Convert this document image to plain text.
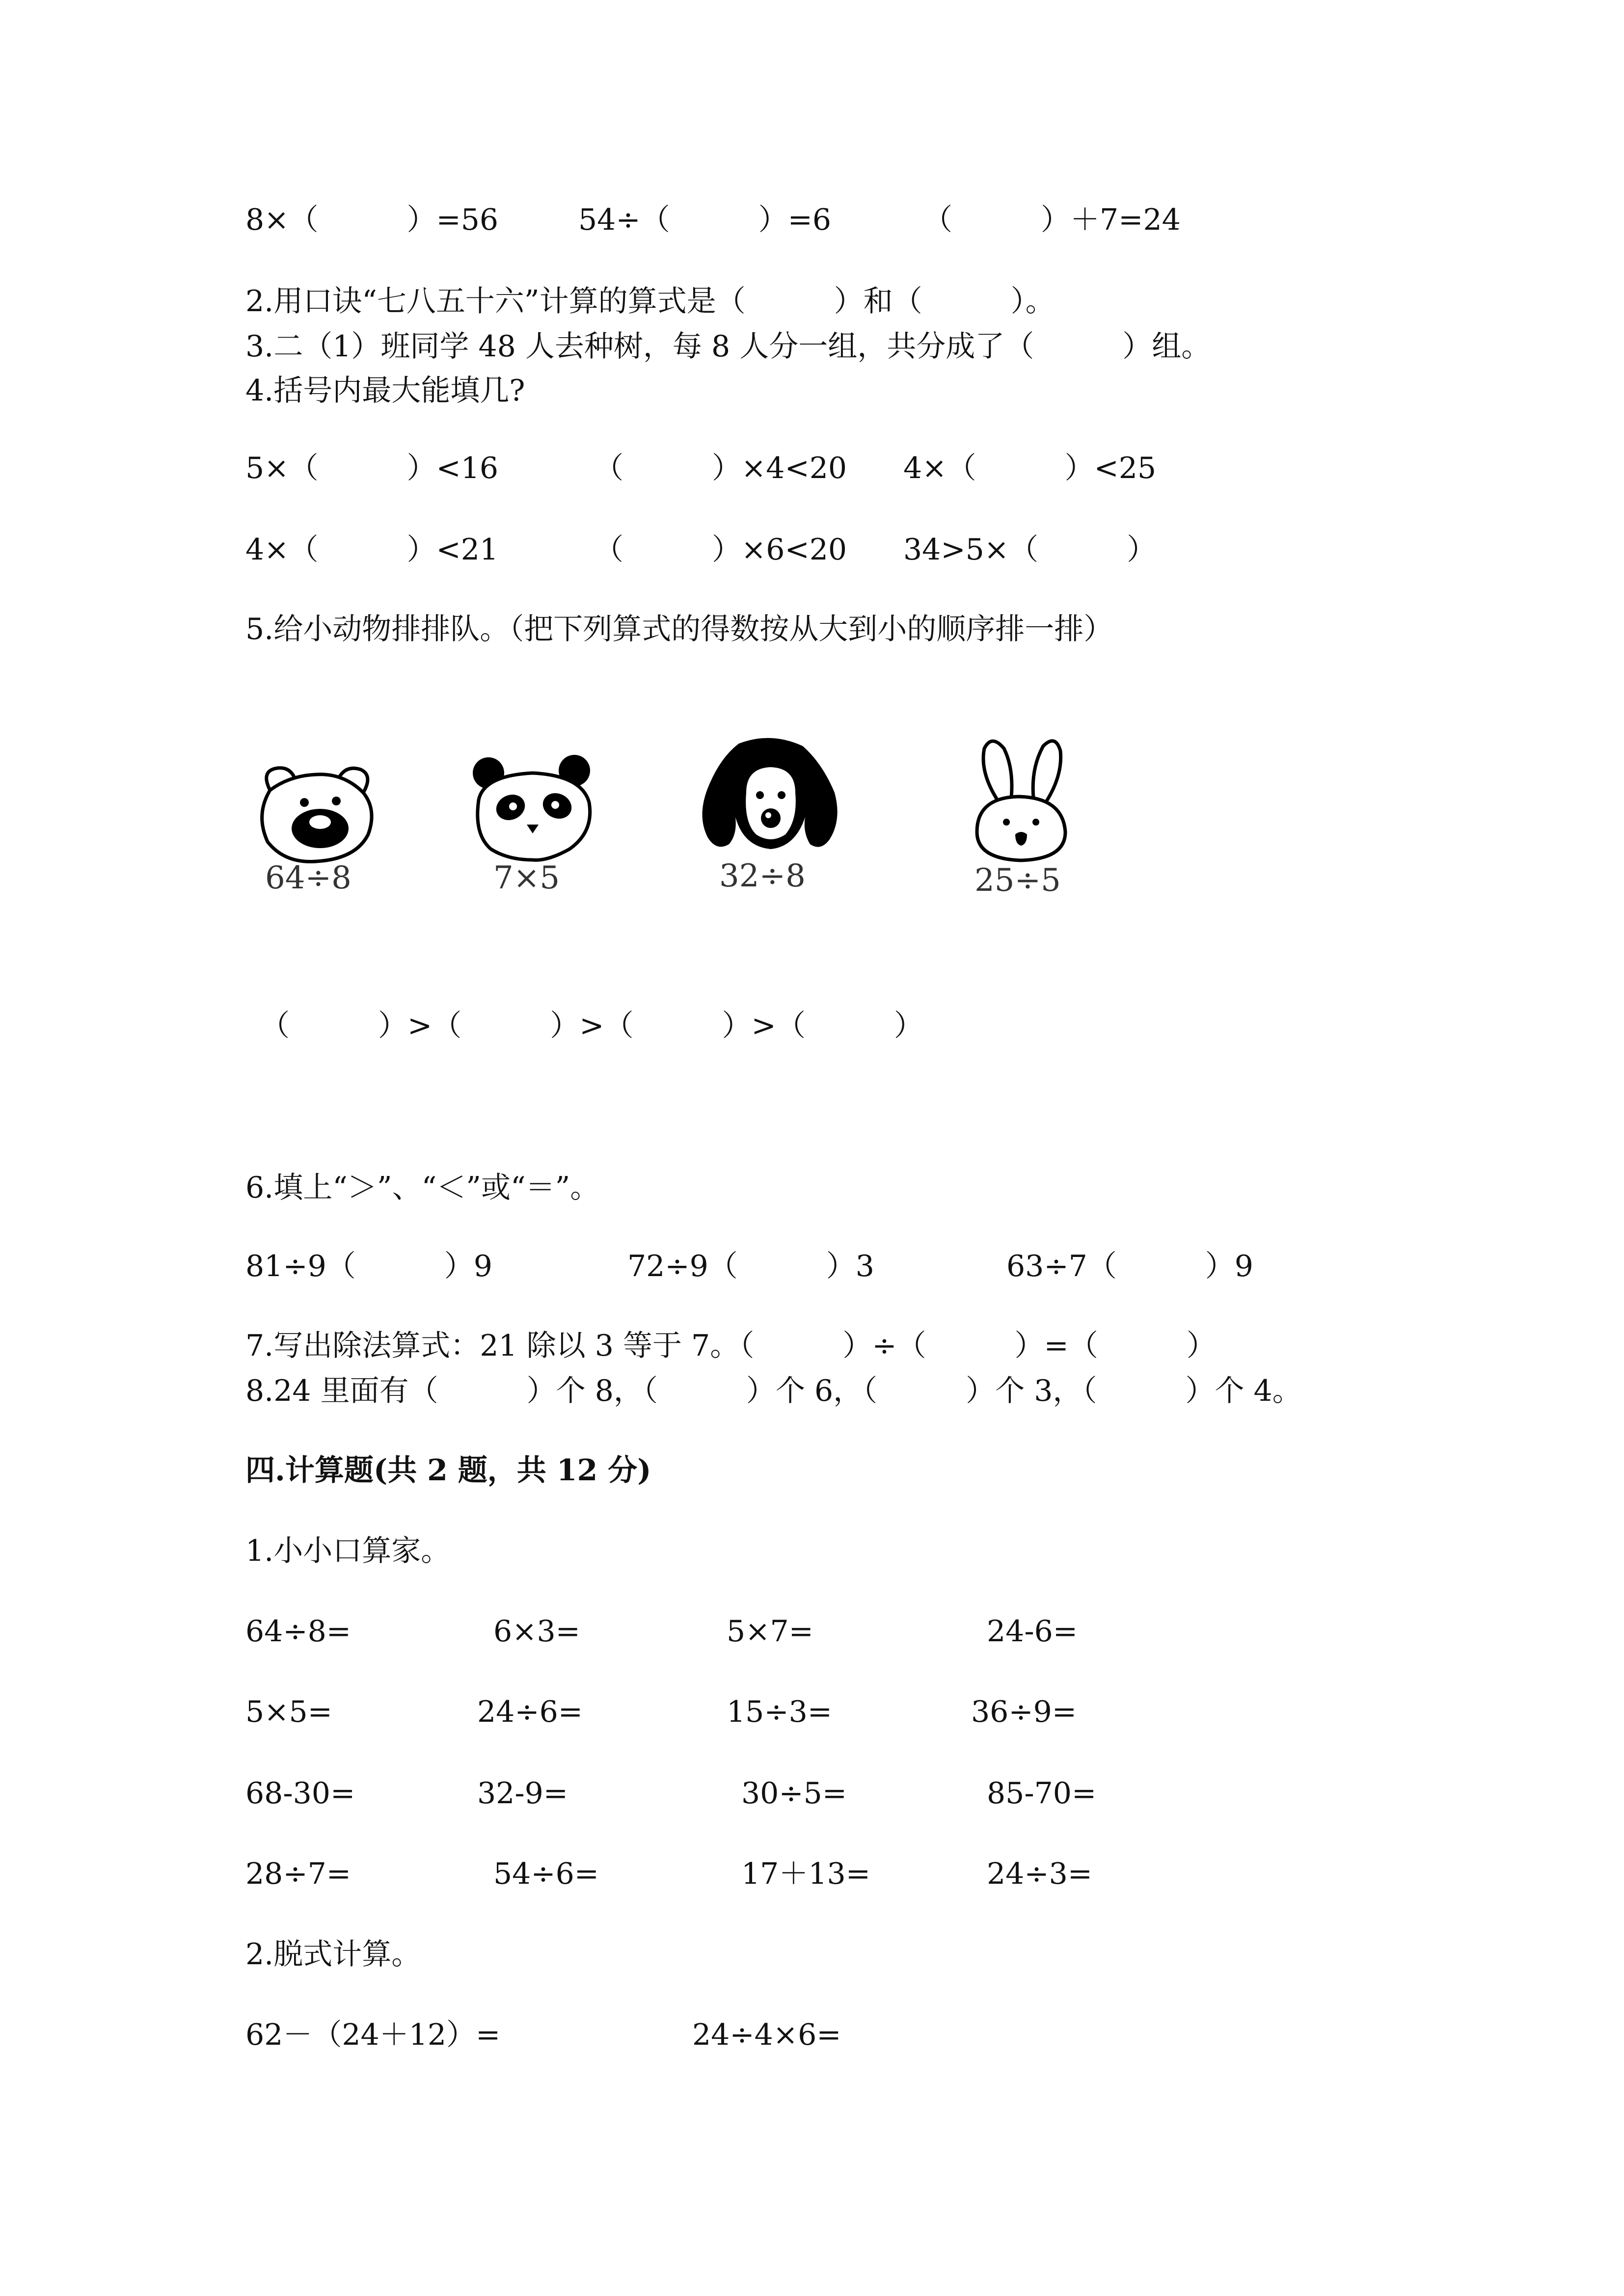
8×（　　　）=56	54÷（　　　）=6	（　　　）＋7=24
2.用口诀“七八五十六”计算的算式是（　　　）和（　　　）。
3.二（1）班同学 48 人去种树，每 8 人分一组，共分成了（　　　）组。
4.括号内最大能填几?
5×（　　　）<16	（　　　）×4<20 4×（　　　）<25
4×（　　　）<21	（　　　）×6<20 34>5×（　　　）
5.给小动物排排队。（把下列算式的得数按从大到小的顺序排一排）
64÷8	7×5	32÷8	25÷5
（　　　）>（　　　）>（　　　）>（　　　）
6.填上“＞”、“＜”或“＝”。
81÷9（　　　）9	72÷9（　　　）3	63÷7（　　　）9
7.写出除法算式：21 除以 3 等于 7。（　　　）÷（　　　）=（　　　）
8.24 里面有（　　　）个 8，（　　　）个 6，（　　　）个 3，（　　　）个 4。
四.计算题(共 2 题，共 12 分)
1.小小口算家。
64÷8=	6×3=	5×7=	24-6=
5×5=	24÷6=	15÷3=	36÷9=
68-30=	32-9=	30÷5=	85-70=
28÷7=	54÷6=	17＋13=	24÷3=
2.脱式计算。
62－（24＋12）=	24÷4×6=
